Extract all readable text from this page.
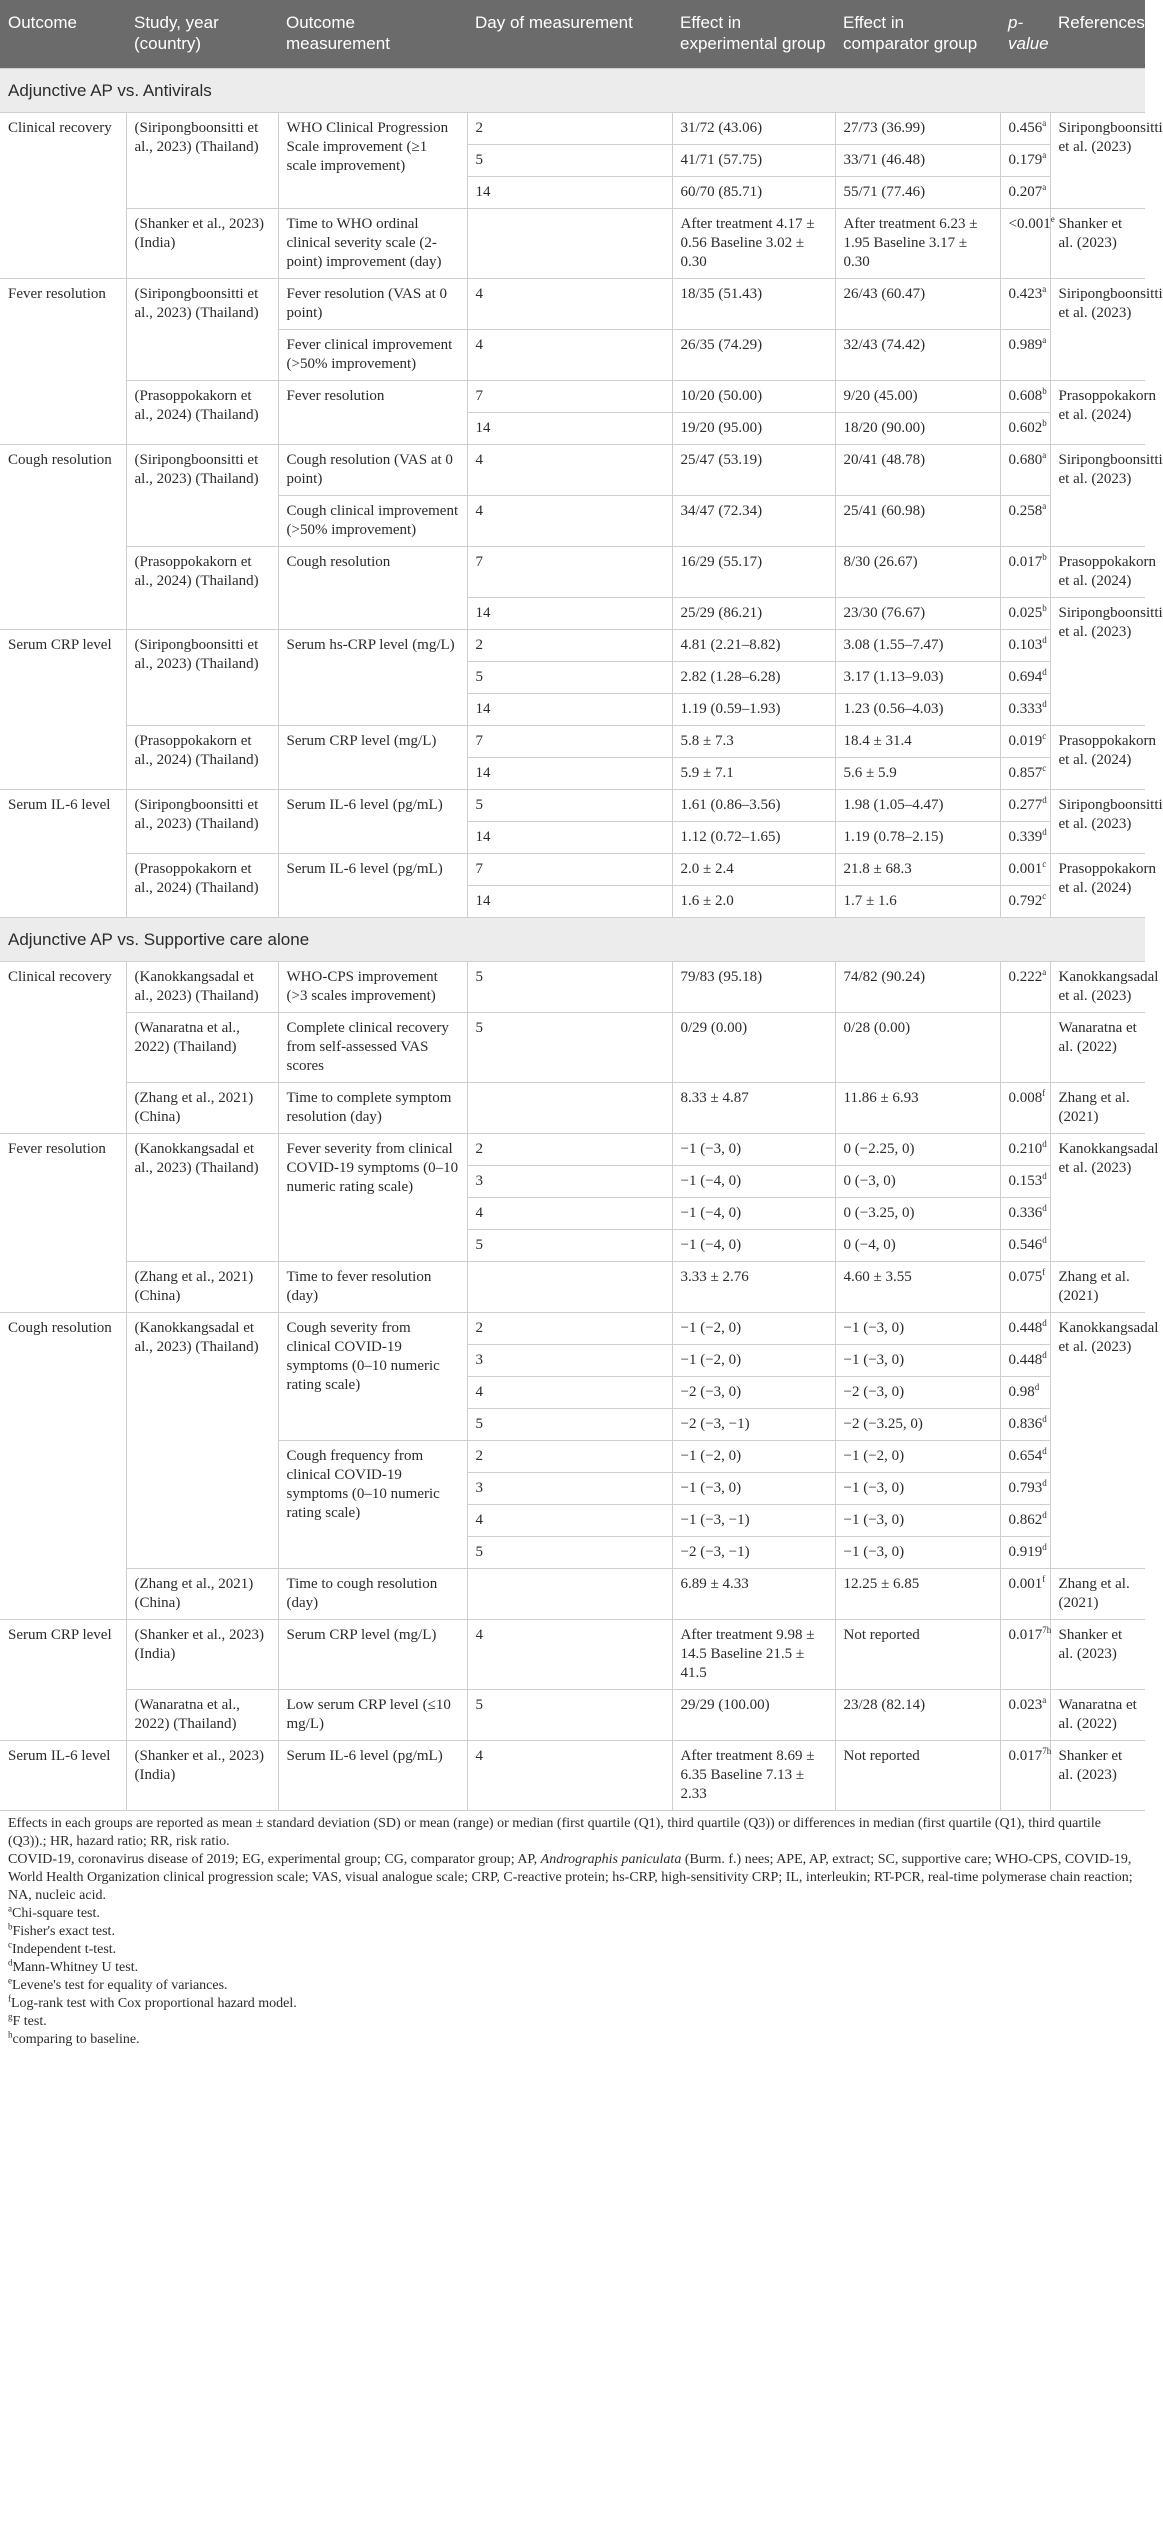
Outcome	Study, year (country)	Outcome measurement	Day of measurement	Effect in experimental group	Effect in comparator group	p-value	References
Adjunctive AP vs. Antivirals							
Clinical recovery	(Siripongboonsitti et al., 2023) (Thailand)	WHO Clinical Progression Scale improvement (≥1 scale improvement)	2	31/72 (43.06)	27/73 (36.99)	0.456$^a$	Siripongboonsitti et al. (2023)
			5	41/71 (57.75)	33/71 (46.48)	0.179$^a$
			14	60/70 (85.71)	55/71 (77.46)	0.207$^a$
	(Shanker et al., 2023) (India)	Time to WHO ordinal clinical severity scale (2-point) improvement (day)		After treatment 4.17 ± 0.56 Baseline 3.02 ± 0.30	After treatment 6.23 ± 1.95 Baseline 3.17 ± 0.30	<0.001$^e$	Shanker et al. (2023)
Fever resolution	(Siripongboonsitti et al., 2023) (Thailand)	Fever resolution (VAS at 0 point)	4	18/35 (51.43)	26/43 (60.47)	0.423$^a$	Siripongboonsitti et al. (2023)
		Fever clinical improvement (>50% improvement)	4	26/35 (74.29)	32/43 (74.42)	0.989$^a$
	(Prasoppokakorn et al., 2024) (Thailand)	Fever resolution	7	10/20 (50.00)	9/20 (45.00)	0.608$^b$	Prasoppokakorn et al. (2024)
			14	19/20 (95.00)	18/20 (90.00)	0.602$^b$
Cough resolution	(Siripongboonsitti et al., 2023) (Thailand)	Cough resolution (VAS at 0 point)	4	25/47 (53.19)	20/41 (48.78)	0.680$^a$	Siripongboonsitti et al. (2023)
		Cough clinical improvement (>50% improvement)	4	34/47 (72.34)	25/41 (60.98)	0.258$^a$
	(Prasoppokakorn et al., 2024) (Thailand)	Cough resolution	7	16/29 (55.17)	8/30 (26.67)	0.017$^b$	Prasoppokakorn et al. (2024)
			14	25/29 (86.21)	23/30 (76.67)	0.025$^b$	Siripongboonsitti et al. (2023)
Serum CRP level	(Siripongboonsitti et al., 2023) (Thailand)	Serum hs-CRP level (mg/L)	2	4.81 (2.21–8.82)	3.08 (1.55–7.47)	0.103$^d$
			5	2.82 (1.28–6.28)	3.17 (1.13–9.03)	0.694$^d$
			14	1.19 (0.59–1.93)	1.23 (0.56–4.03)	0.333$^d$
	(Prasoppokakorn et al., 2024) (Thailand)	Serum CRP level (mg/L)	7	5.8 ± 7.3	18.4 ± 31.4	0.019$^c$	Prasoppokakorn et al. (2024)
			14	5.9 ± 7.1	5.6 ± 5.9	0.857$^c$
Serum IL-6 level	(Siripongboonsitti et al., 2023) (Thailand)	Serum IL-6 level (pg/mL)	5	1.61 (0.86–3.56)	1.98 (1.05–4.47)	0.277$^d$	Siripongboonsitti et al. (2023)
			14	1.12 (0.72–1.65)	1.19 (0.78–2.15)	0.339$^d$
	(Prasoppokakorn et al., 2024) (Thailand)	Serum IL-6 level (pg/mL)	7	2.0 ± 2.4	21.8 ± 68.3	0.001$^c$	Prasoppokakorn et al. (2024)
			14	1.6 ± 2.0	1.7 ± 1.6	0.792$^c$
Adjunctive AP vs. Supportive care alone							
Clinical recovery	(Kanokkangsadal et al., 2023) (Thailand)	WHO-CPS improvement (>3 scales improvement)	5	79/83 (95.18)	74/82 (90.24)	0.222$^a$	Kanokkangsadal et al. (2023)
	(Wanaratna et al., 2022) (Thailand)	Complete clinical recovery from self-assessed VAS scores	5	0/29 (0.00)	0/28 (0.00)		Wanaratna et al. (2022)
	(Zhang et al., 2021) (China)	Time to complete symptom resolution (day)		8.33 ± 4.87	11.86 ± 6.93	0.008$^f$	Zhang et al. (2021)
Fever resolution	(Kanokkangsadal et al., 2023) (Thailand)	Fever severity from clinical COVID-19 symptoms (0–10 numeric rating scale)	2	−1 (−3, 0)	0 (−2.25, 0)	0.210$^d$	Kanokkangsadal et al. (2023)
			3	−1 (−4, 0)	0 (−3, 0)	0.153$^d$
			4	−1 (−4, 0)	0 (−3.25, 0)	0.336$^d$
			5	−1 (−4, 0)	0 (−4, 0)	0.546$^d$
	(Zhang et al., 2021) (China)	Time to fever resolution (day)		3.33 ± 2.76	4.60 ± 3.55	0.075$^f$	Zhang et al. (2021)
Cough resolution	(Kanokkangsadal et al., 2023) (Thailand)	Cough severity from clinical COVID-19 symptoms (0–10 numeric rating scale)	2	−1 (−2, 0)	−1 (−3, 0)	0.448$^d$	Kanokkangsadal et al. (2023)
			3	−1 (−2, 0)	−1 (−3, 0)	0.448$^d$
			4	−2 (−3, 0)	−2 (−3, 0)	0.98$^d$
			5	−2 (−3, −1)	−2 (−3.25, 0)	0.836$^d$
		Cough frequency from clinical COVID-19 symptoms (0–10 numeric rating scale)	2	−1 (−2, 0)	−1 (−2, 0)	0.654$^d$
			3	−1 (−3, 0)	−1 (−3, 0)	0.793$^d$
			4	−1 (−3, −1)	−1 (−3, 0)	0.862$^d$
			5	−2 (−3, −1)	−1 (−3, 0)	0.919$^d$
	(Zhang et al., 2021) (China)	Time to cough resolution (day)		6.89 ± 4.33	12.25 ± 6.85	0.001$^f$	Zhang et al. (2021)
Serum CRP level	(Shanker et al., 2023) (India)	Serum CRP level (mg/L)	4	After treatment 9.98 ± 14.5 Baseline 21.5 ± 41.5	Not reported	$0.017^{7h}$	Shanker et al. (2023)
	(Wanaratna et al., 2022) (Thailand)	Low serum CRP level (≤10 mg/L)	5	29/29 (100.00)	23/28 (82.14)	0.023$^a$	Wanaratna et al. (2022)
Serum IL-6 level	(Shanker et al., 2023) (India)	Serum IL-6 level (pg/mL)	4	After treatment 8.69 ± 6.35 Baseline 7.13 ± 2.33	Not reported	$0.017^{7h}$	Shanker et al. (2023)
Effects in each groups are reported as mean ± standard deviation (SD) or mean (range) or median (first quartile (Q1), third quartile (Q3)) or differences in median (first quartile (Q1), third quartile (Q3)).; HR, hazard ratio; RR, risk ratio.
COVID-19, coronavirus disease of 2019; EG, experimental group; CG, comparator group; AP, Andrographis paniculata (Burm. f.) nees; APE, AP, extract; SC, supportive care; WHO-CPS, COVID-19, World Health Organization clinical progression scale; VAS, visual analogue scale; CRP, C-reactive protein; hs-CRP, high-sensitivity CRP; IL, interleukin; RT-PCR, real-time polymerase chain reaction; NA, nucleic acid.
$^a$Chi-square test.
$^b$Fisher's exact test.
$^c$Independent t-test.
$^d$Mann-Whitney U test.
$^e$Levene's test for equality of variances.
$^f$Log-rank test with Cox proportional hazard model.
$^g$F test.
$^h$comparing to baseline.
